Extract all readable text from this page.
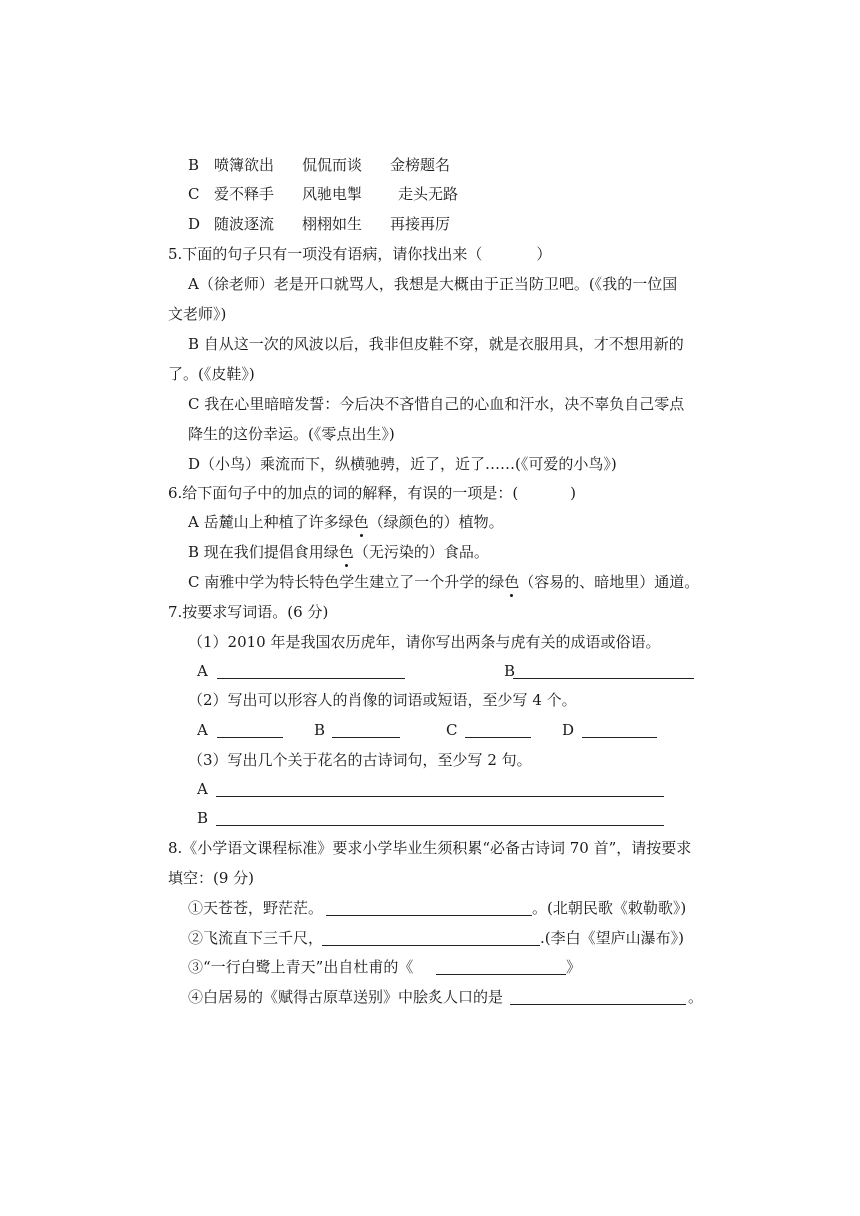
B 喷簿欲出 侃侃而谈 金榜题名
C 爱不释手 风驰电掣 走头无路
D 随波逐流 栩栩如生 再接再厉
5.下面的句子只有一项没有语病，请你找出来（	）
A（徐老师）老是开口就骂人，我想是大概由于正当防卫吧。(《我的一位国
文老师》)
B 自从这一次的风波以后，我非但皮鞋不穿，就是衣服用具，才不想用新的
了。(《皮鞋》)
C 我在心里暗暗发誓：今后决不吝惜自己的心血和汗水，决不辜负自己零点
降生的这份幸运。(《零点出生》)
D（小鸟）乘流而下，纵横驰骋，近了，近了……(《可爱的小鸟》)
6.给下面句子中的加点的词的解释，有误的一项是：(	)
A 岳麓山上种植了许多绿色（绿颜色的）植物。
B 现在我们提倡食用绿色（无污染的）食品。
C 南雅中学为特长特色学生建立了一个升学的绿色（容易的、暗地里）通道。
7.按要求写词语。(6 分)
（1）2010 年是我国农历虎年，请你写出两条与虎有关的成语或俗语。
A	B
（2）写出可以形容人的肖像的词语或短语，至少写 4 个。
A	B	C	D
（3）写出几个关于花名的古诗词句，至少写 2 句。
A
B
8.《小学语文课程标准》要求小学毕业生须积累“必备古诗词 70 首”，请按要求
填空：(9 分)
①天苍苍，野茫茫。	。(北朝民歌《敕勒歌》)
②飞流直下三千尺，	.(李白《望庐山瀑布》)
③“一行白鹭上青天”出自杜甫的《	》
④白居易的《赋得古原草送别》中脍炙人口的是	。
